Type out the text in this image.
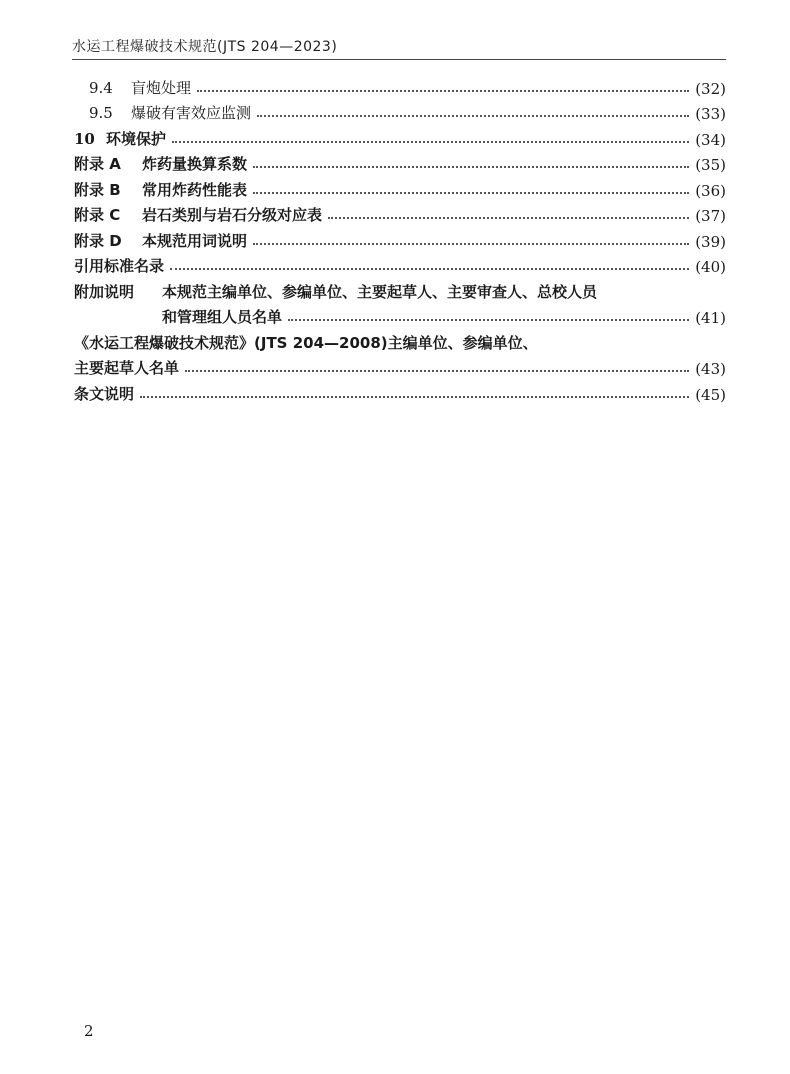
水运工程爆破技术规范(JTS 204—2023)
9.4 盲炮处理	(32)
9.5 爆破有害效应监测	(33)
10 环境保护	(34)
附录 A 炸药量换算系数	(35)
附录 B 常用炸药性能表	(36)
附录 C 岩石类别与岩石分级对应表	(37)
附录 D 本规范用词说明	(39)
引用标准名录	(40)
附加说明 本规范主编单位、参编单位、主要起草人、主要审查人、总校人员
和管理组人员名单	(41)
《水运工程爆破技术规范》(JTS 204—2008)主编单位、参编单位、
主要起草人名单	(43)
条文说明	(45)
2
